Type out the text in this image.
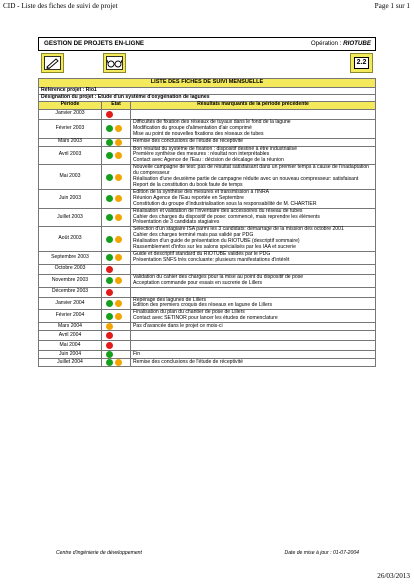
CID - Liste des fiches de suivi de projet	Page 1 sur 1
GESTION DE PROJETS EN-LIGNE	Opération : RIOTUBE
2.2
LISTE DES FICHES DE SUIVI MENSUELLE		
Référence projet : Rio1		
Désignation du projet : Etude d'un système d'oxygénation de lagunes		
Période	Etat	Résultats marquants de la période précédente
Janvier 2003	

Février 2003		Difficultés de fixation des réseaux de tuyaux dans le fond de la lagune
Modification du groupe d'alimentation d'air comprimé
Mise au point de nouvelles fixations des réseaux de tubes

Mars 2003		Remise des conclusions de l'étude de réceptivité

Avril 2003		Bon résultat du système de fixation : dispositif destiné à être industrialisé
Première synthèse des mesures : résultat non interprétables
Contact avec Agence de l'Eau : décision de décalage de la réunion

Mai 2003		Nouvelle campagne de test: pas de résultat satisfaisant dans un premier temps à cause de l'inadaptation du compresseur
Réalisation d'une deuxième partie de campagne réduite avec un nouveau compresseur: satisfaisant
Report de la constitution du book faute de temps

Juin 2003		Edition de la synthèse des mesures et transmission à l'INRA
Réunion Agence de l'Eau reportée en Septembre
Constitution du groupe d'industrialisation sous la responsabilité de M. CHARTIER

Juillet 2003		Réalisation et validation de l'inventaire des accessoires du réseau de tubes
Cahier des charges du dispositif de pose: commencé, mais reprendre les éléments
Présentation de 3 candidats stagiaires

Août 2003		Sélection d'un stagiaire ISA parmi les 3 candidats: démarrage de la mission dès octobre 2001
Cahier des charges terminé mais pas validé par PDG
Réalisation d'un guide de présentation du RIOTUBE (descriptif sommaire)
Rassemblement d'infos sur les salons spécialisés par les IAA et sucrerie

Septembre 2003		Guide et descriptif standard du RIOTUBE validés par le PDG
Présentation SNFS très concluante: plusieurs manifestations d'intérêt

Octobre 2003	

Novembre 2003		Validation du cahier des charges pour la mise au point du dispositif de pose
Acceptation commande pour essais en sucrerie de Lillers

Décembre 2003	

Janvier 2004		Repérage des lagunes de Lillers
Edition des premiers croquis des réseaux en lagune de Lillers

Février 2004		Finalisation du plan du chantier de pose de Lillers
Contact avec SETINOR pour lancer les études de nomenclature

Mars 2004		Pas d'avancée dans le projet ce mois-ci

Avril 2004	

Mai 2004	

Juin 2004		Fin

Juillet 2004		Remise des conclusions de l'étude de réceptivité
Centre d'ingénierie de développement	Date de mise à jour : 01-07-2004
26/03/2013
